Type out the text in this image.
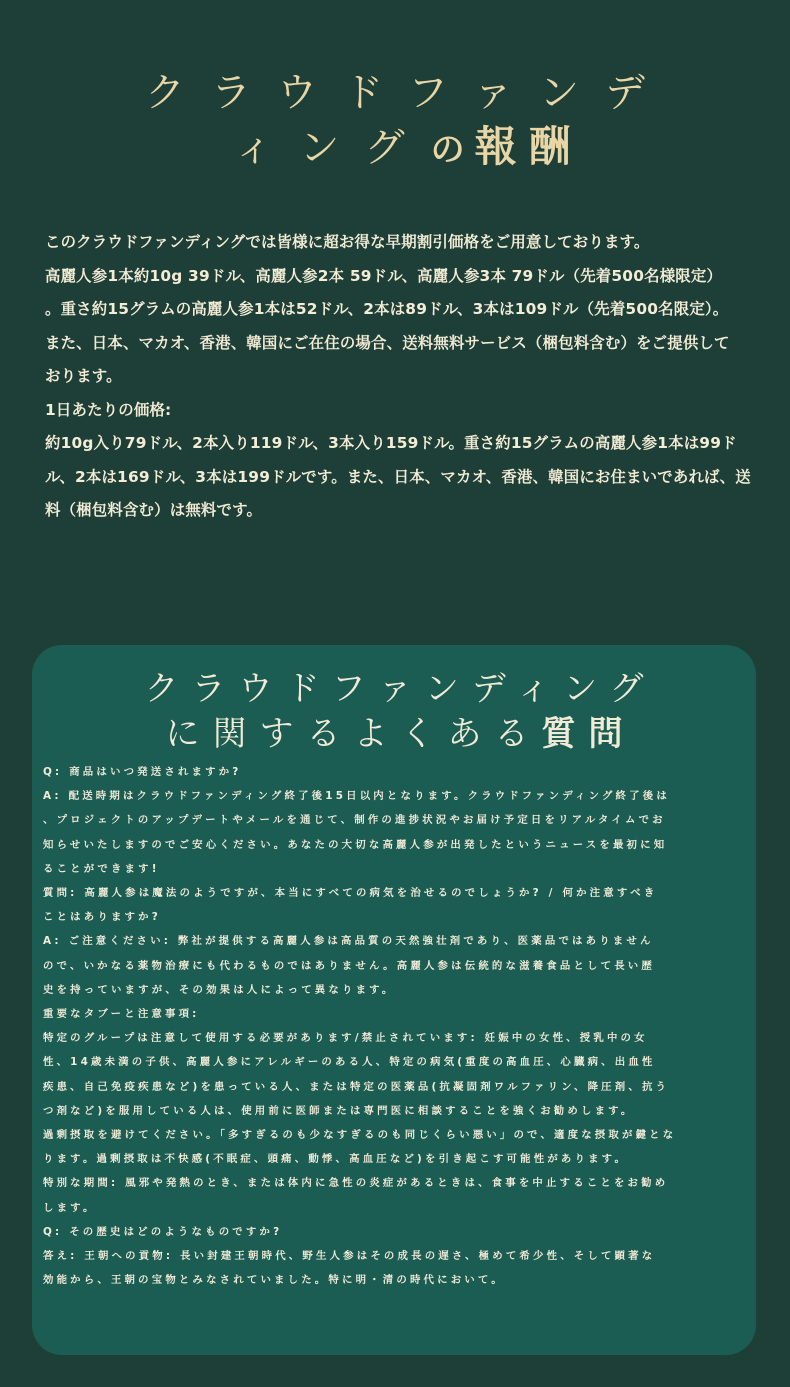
クラウドファンデ
ィングの報酬

このクラウドファンディングでは皆様に超お得な早期割引価格をご用意しております。

高麗人参1本約10g 39ドル、高麗人参2本 59ドル、高麗人参3本 79ドル（先着500名様限定）

。重さ約15グラムの高麗人参1本は52ドル、2本は89ドル、3本は109ドル（先着500名限定）。

また、日本、マカオ、香港、韓国にご在住の場合、送料無料サービス（梱包料含む）をご提供して

おります。

1日あたりの価格:

約10g入り79ドル、2本入り119ドル、3本入り159ドル。重さ約15グラムの高麗人参1本は99ド

ル、2本は169ドル、3本は199ドルです。また、日本、マカオ、香港、韓国にお住まいであれば、送

料（梱包料含む）は無料です。

クラウドファンディング
に関するよくある質問

Q: 商品はいつ発送されますか?

A: 配送時期はクラウドファンディング終了後15日以内となります。クラウドファンディング終了後は

、プロジェクトのアップデートやメールを通じて、制作の進捗状況やお届け予定日をリアルタイムでお

知らせいたしますのでご安心ください。あなたの大切な高麗人参が出発したというニュースを最初に知

ることができます!

質問: 高麗人参は魔法のようですが、本当にすべての病気を治せるのでしょうか? / 何か注意すべき

ことはありますか?

A: ご注意ください: 弊社が提供する高麗人参は高品質の天然強壮剤であり、医薬品ではありません

ので、いかなる薬物治療にも代わるものではありません。高麗人参は伝統的な滋養食品として長い歴

史を持っていますが、その効果は人によって異なります。

重要なタブーと注意事項:

特定のグループは注意して使用する必要があります/禁止されています: 妊娠中の女性、授乳中の女

性、14歳未満の子供、高麗人参にアレルギーのある人、特定の病気(重度の高血圧、心臓病、出血性

疾患、自己免疫疾患など)を患っている人、または特定の医薬品(抗凝固剤ワルファリン、降圧剤、抗う

つ剤など)を服用している人は、使用前に医師または専門医に相談することを強くお勧めします。

過剰摂取を避けてください。「多すぎるのも少なすぎるのも同じくらい悪い」ので、適度な摂取が鍵とな

ります。過剰摂取は不快感(不眠症、頭痛、動悸、高血圧など)を引き起こす可能性があります。

特別な期間: 風邪や発熱のとき、または体内に急性の炎症があるときは、食事を中止することをお勧め

します。

Q: その歴史はどのようなものですか?

答え: 王朝への貢物: 長い封建王朝時代、野生人参はその成長の遅さ、極めて希少性、そして顕著な

効能から、王朝の宝物とみなされていました。特に明・清の時代において。
